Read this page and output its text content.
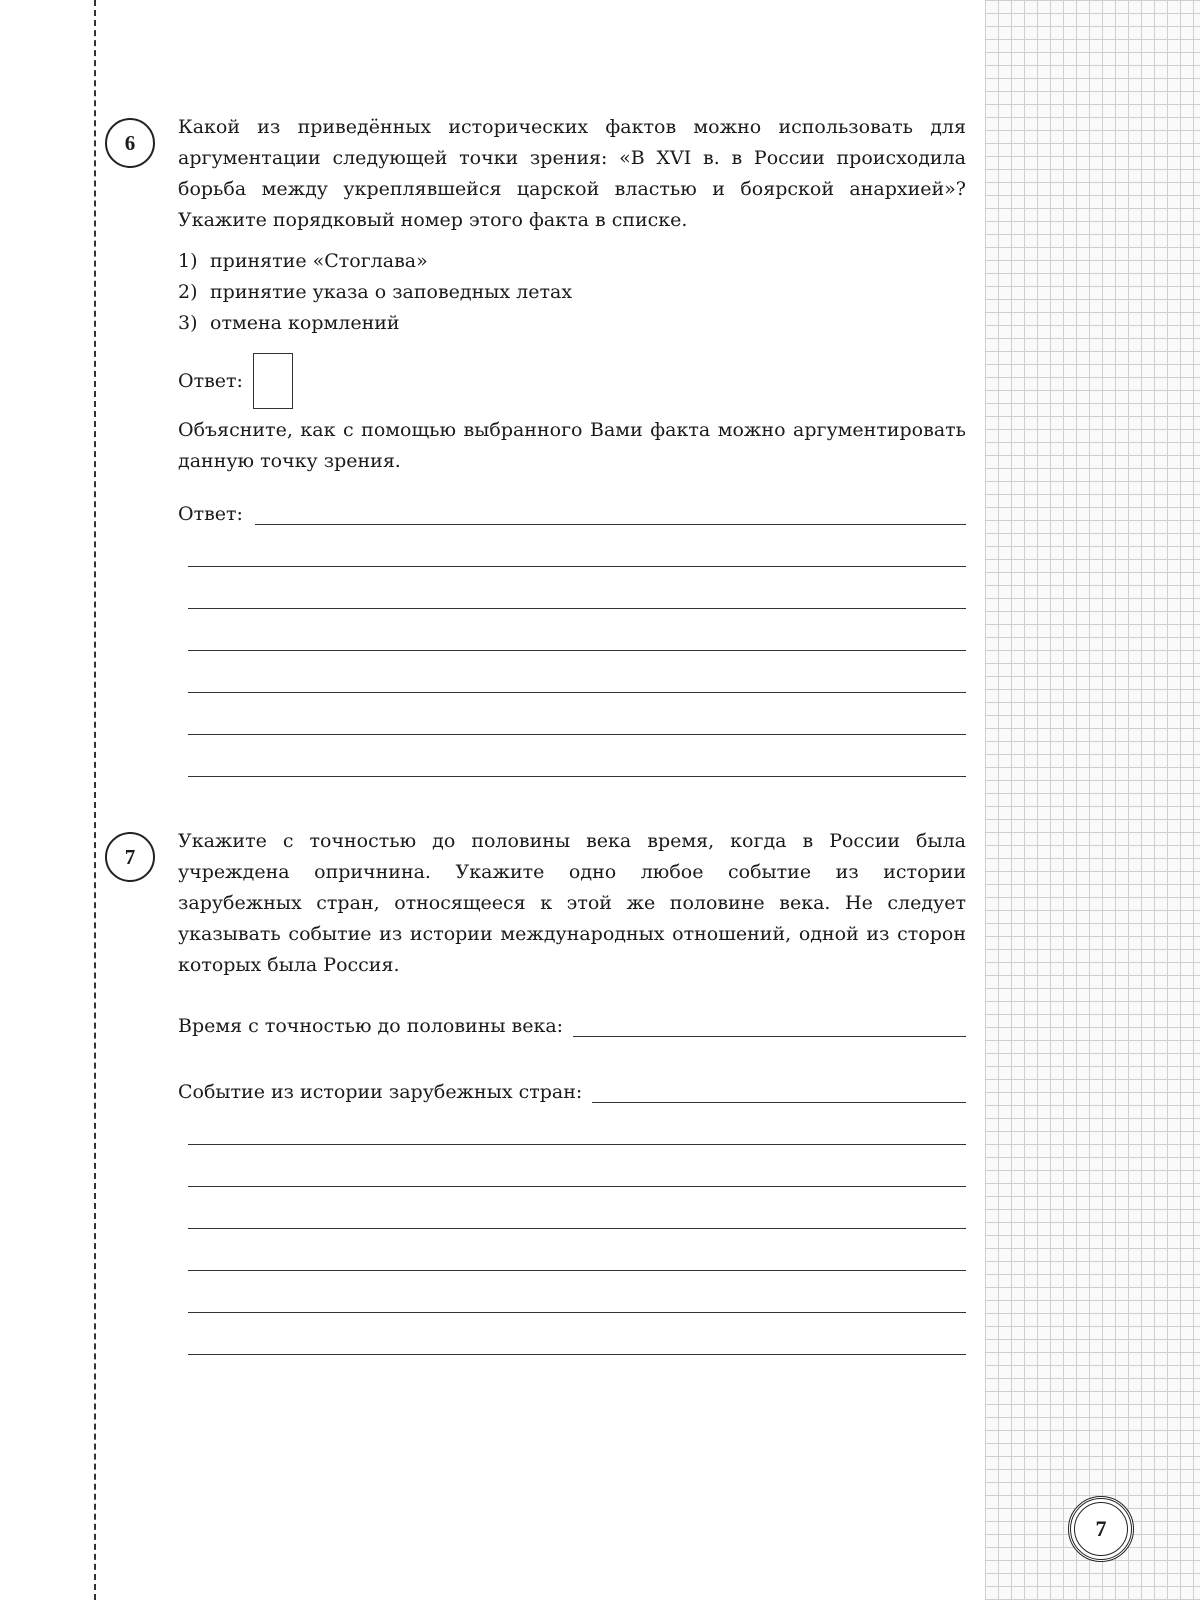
6

Какой из приведённых исторических фактов можно использовать для аргументации следующей точки зрения: «В XVI в. в России происходила борьба между укреплявшейся царской властью и боярской анархией»? Укажите порядковый номер этого факта в списке.

1) принятие «Стоглава»
2) принятие указа о заповедных летах
3) отмена кормлений
Ответ:

Объясните, как с помощью выбранного Вами факта можно аргументировать данную точку зрения.

Ответ:
7

Укажите с точностью до половины века время, когда в России была учреждена опричнина. Укажите одно любое событие из истории зарубежных стран, относящееся к этой же половине века. Не следует указывать событие из истории международных отношений, одной из сторон которых была Россия.

Время с точностью до половины века:
Событие из истории зарубежных стран:
7
